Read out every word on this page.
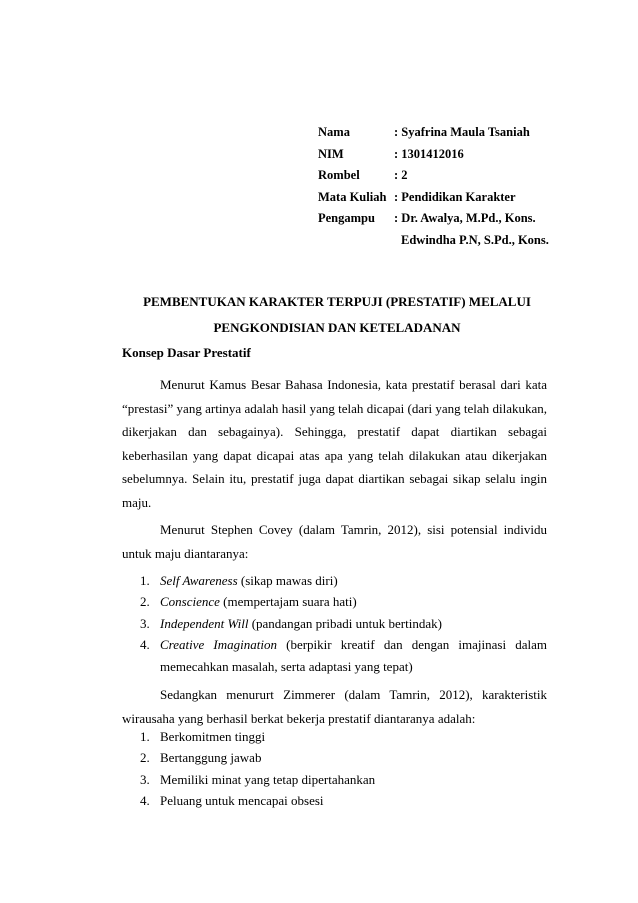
Nama	: Syafrina Maula Tsaniah
NIM	: 1301412016
Rombel	: 2
Mata Kuliah : Pendidikan Karakter
Pengampu : Dr. Awalya, M.Pd., Kons.
Edwindha P.N, S.Pd., Kons.
PEMBENTUKAN KARAKTER TERPUJI (PRESTATIF) MELALUI
PENGKONDISIAN DAN KETELADANAN
Konsep Dasar Prestatif
Menurut Kamus Besar Bahasa Indonesia, kata prestatif berasal dari kata
“prestasi” yang artinya adalah hasil yang telah dicapai (dari yang telah dilakukan,
dikerjakan dan sebagainya). Sehingga, prestatif dapat diartikan sebagai
keberhasilan yang dapat dicapai atas apa yang telah dilakukan atau dikerjakan
sebelumnya. Selain itu, prestatif juga dapat diartikan sebagai sikap selalu ingin
maju.
Menurut Stephen Covey (dalam Tamrin, 2012), sisi potensial individu
untuk maju diantaranya:
1. Self Awareness (sikap mawas diri)
2. Conscience (mempertajam suara hati)
3. Independent Will (pandangan pribadi untuk bertindak)
4. Creative Imagination (berpikir kreatif dan dengan imajinasi dalam
memecahkan masalah, serta adaptasi yang tepat)
Sedangkan menururt Zimmerer (dalam Tamrin, 2012), karakteristik
wirausaha yang berhasil berkat bekerja prestatif diantaranya adalah:
1. Berkomitmen tinggi
2. Bertanggung jawab
3. Memiliki minat yang tetap dipertahankan
4. Peluang untuk mencapai obsesi
